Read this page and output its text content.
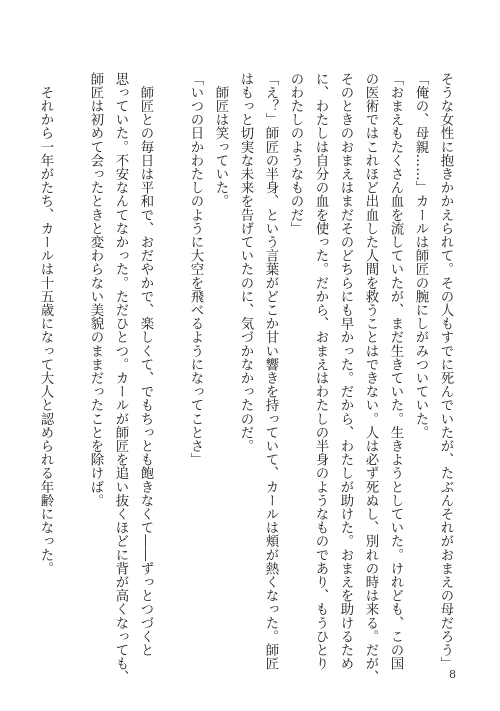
そうな女性に抱きかかえられて。その人もすでに死んでいたが、たぶんそれがおまえの母だろう」
「俺の、母親……」カールは師匠の腕にしがみついていた。
「おまえもたくさん血を流していたが、まだ生きていた。生きようとしていた。けれども、この国
の医術ではこれほど出血した人間を救うことはできない。人は必ず死ぬし、別れの時は来る。だが、
そのときのおまえはまだそのどちらにも早かった。だから、わたしが助けた。おまえを助けるため
に、わたしは自分の血を使った。だから、おまえはわたしの半身のようなものであり、もうひとり
のわたしのようなものだ」
「え？」師匠の半身、という言葉がどこか甘い響きを持っていて、カールは頬が熱くなった。師匠
はもっと切実な未来を告げていたのに、気づかなかったのだ。
　師匠は笑っていた。
「いつの日かわたしのように大空を飛べるようになってことさ」
　師匠との毎日は平和で、おだやかで、楽しくて、でもちっとも飽きなくて――ずっとつづくと
思っていた。不安なんてなかった。ただひとつ。カールが師匠を追い抜くほどに背が高くなっても、
師匠は初めて会ったときと変わらない美貌のままだったことを除けば。
　それから一年がたち、カールは十五歳になって大人と認められる年齢になった。
8
